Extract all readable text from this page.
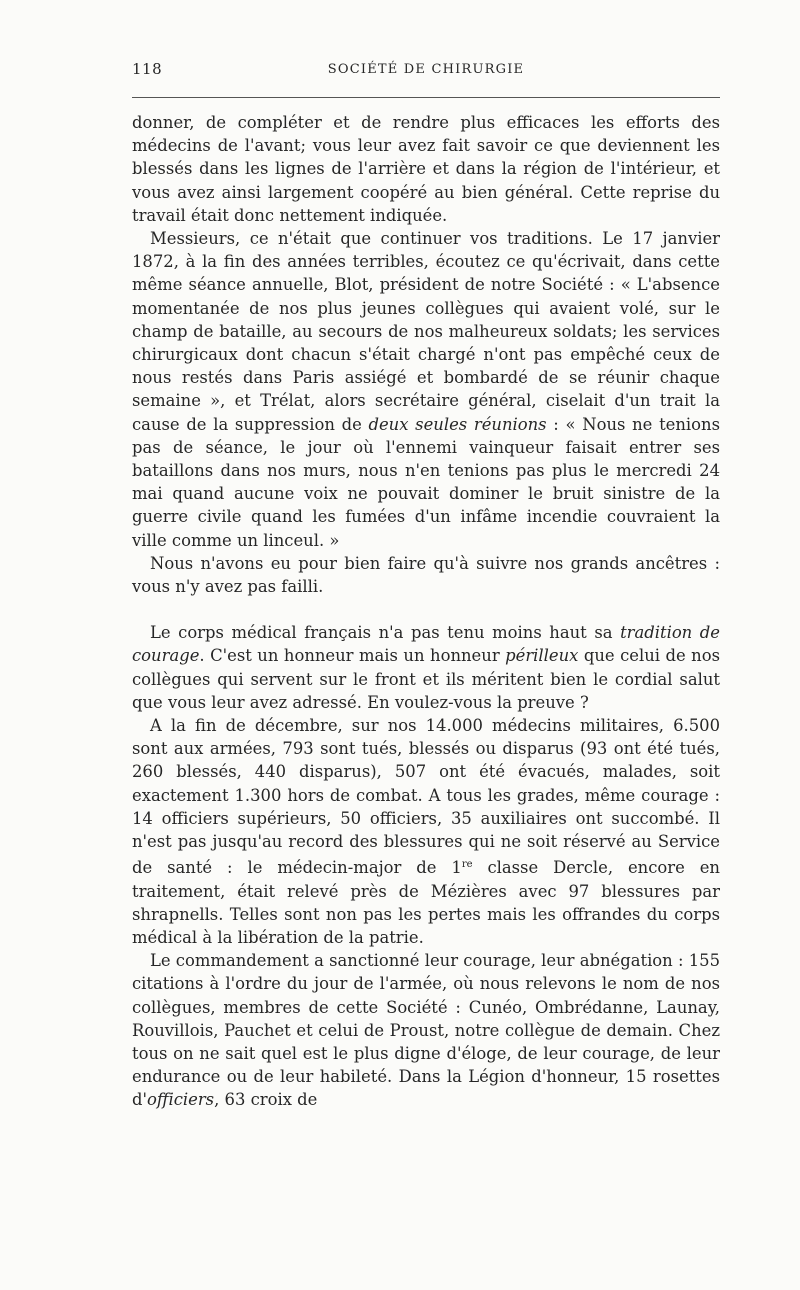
118	SOCIÉTÉ DE CHIRURGIE

donner, de compléter et de rendre plus efficaces les efforts des médecins de l'avant; vous leur avez fait savoir ce que deviennent les blessés dans les lignes de l'arrière et dans la région de l'intérieur, et vous avez ainsi largement coopéré au bien général. Cette reprise du travail était donc nettement indiquée.

Messieurs, ce n'était que continuer vos traditions. Le 17 janvier 1872, à la fin des années terribles, écoutez ce qu'écrivait, dans cette même séance annuelle, Blot, président de notre Société : « L'absence momentanée de nos plus jeunes collègues qui avaient volé, sur le champ de bataille, au secours de nos malheureux soldats; les services chirurgicaux dont chacun s'était chargé n'ont pas empêché ceux de nous restés dans Paris assiégé et bombardé de se réunir chaque semaine », et Trélat, alors secrétaire général, ciselait d'un trait la cause de la suppression de deux seules réunions : « Nous ne tenions pas de séance, le jour où l'ennemi vainqueur faisait entrer ses bataillons dans nos murs, nous n'en tenions pas plus le mercredi 24 mai quand aucune voix ne pouvait dominer le bruit sinistre de la guerre civile quand les fumées d'un infâme incendie couvraient la ville comme un linceul. »

Nous n'avons eu pour bien faire qu'à suivre nos grands ancêtres : vous n'y avez pas failli.

Le corps médical français n'a pas tenu moins haut sa tradition de courage. C'est un honneur mais un honneur périlleux que celui de nos collègues qui servent sur le front et ils méritent bien le cordial salut que vous leur avez adressé. En voulez-vous la preuve ?

A la fin de décembre, sur nos 14.000 médecins militaires, 6.500 sont aux armées, 793 sont tués, blessés ou disparus (93 ont été tués, 260 blessés, 440 disparus), 507 ont été évacués, malades, soit exactement 1.300 hors de combat. A tous les grades, même courage : 14 officiers supérieurs, 50 officiers, 35 auxiliaires ont succombé. Il n'est pas jusqu'au record des blessures qui ne soit réservé au Service de santé : le médecin-major de 1re classe Dercle, encore en traitement, était relevé près de Mézières avec 97 blessures par shrapnells. Telles sont non pas les pertes mais les offrandes du corps médical à la libération de la patrie.

Le commandement a sanctionné leur courage, leur abnégation : 155 citations à l'ordre du jour de l'armée, où nous relevons le nom de nos collègues, membres de cette Société : Cunéo, Ombrédanne, Launay, Rouvillois, Pauchet et celui de Proust, notre collègue de demain. Chez tous on ne sait quel est le plus digne d'éloge, de leur courage, de leur endurance ou de leur habileté. Dans la Légion d'honneur, 15 rosettes d'officiers, 63 croix de
